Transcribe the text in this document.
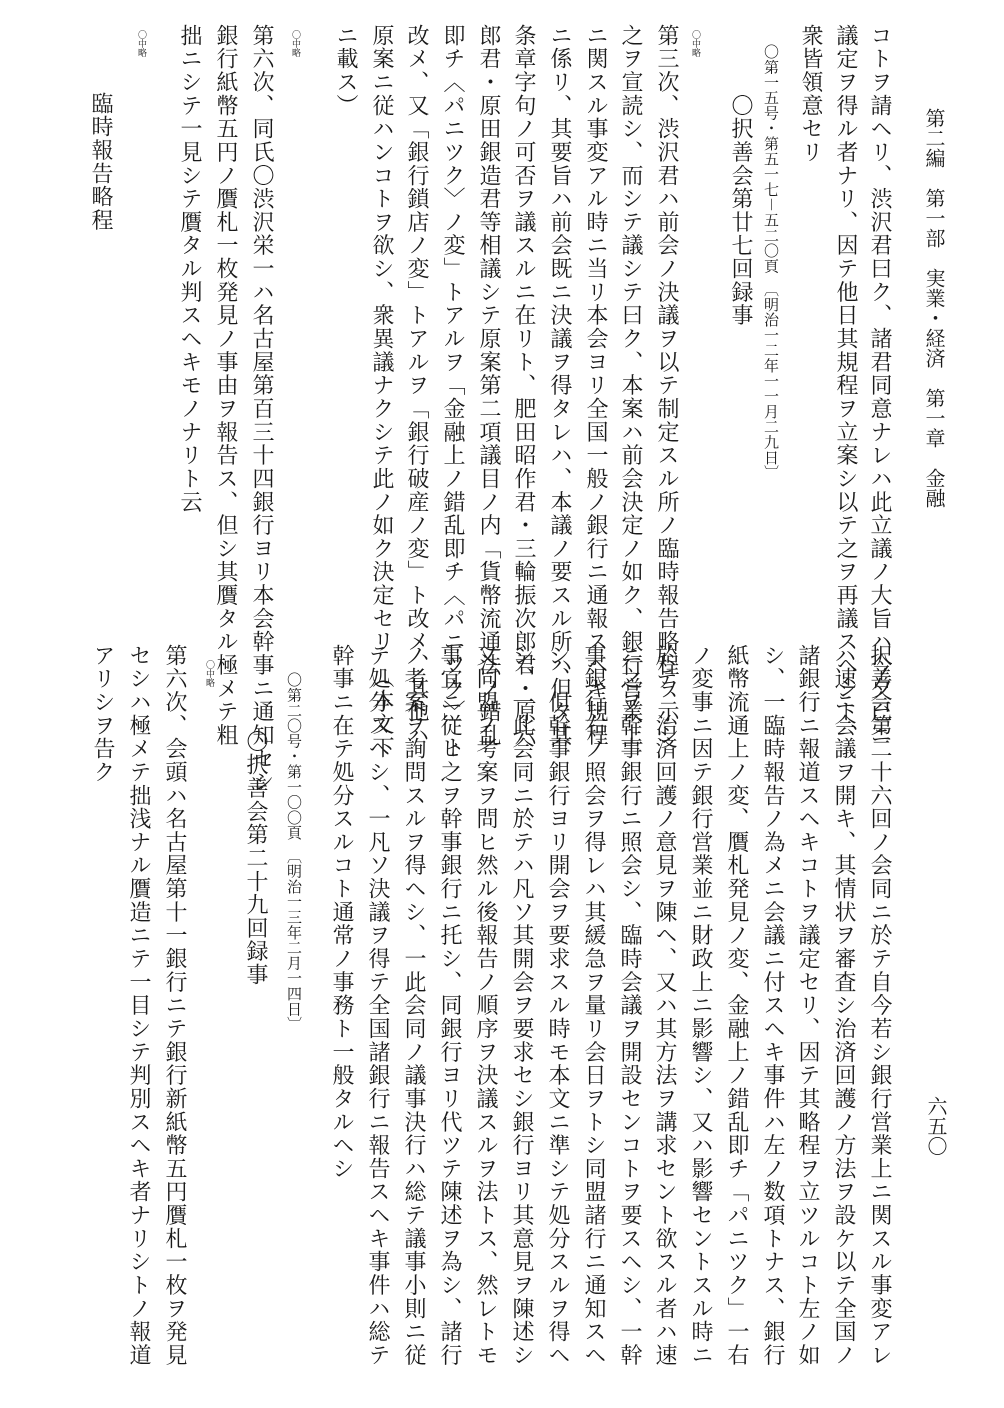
第二編　第一部　実業・経済　第一章　金融
コトヲ請ヘリ、渋沢君曰ク、諸君同意ナレハ此立議ノ大旨ハ今夕已ニ
議定ヲ得ル者ナリ、因テ他日其規程ヲ立案シ以テ之ヲ再議スヘシト、
衆皆領意セリ
〇第一五号・第五一七－五二〇頁　〔明治一二年一一月二九日〕
〇択善会第廿七回録事
〇中略
第三次、渋沢君ハ前会ノ決議ヲ以テ制定スル所ノ臨時報告略程ヲ示シ
之ヲ宣読シ、而シテ議シテ曰ク、本案ハ前会決定ノ如ク、銀行営業上
ニ関スル事変アル時ニ当リ本会ヨリ全国一般ノ銀行ニ通報スヘキ規程
ニ係リ、其要旨ハ前会既ニ決議ヲ得タレハ、本議ノ要スル所ハ但タ其
条章字句ノ可否ヲ議スルニ在リト、肥田昭作君・三輪振次郎君・原六
郎君・原田銀造君等相議シテ原案第二項議目ノ内「貨幣流通法ノ錯乱
即チ〈パニツク〉ノ変」トアルヲ「金融上ノ錯乱即チ〈パニツク〉」ト
改メ、又「銀行鎖店ノ変」トアルヲ「銀行破産ノ変」ト改メ、其他ハ
原案ニ従ハンコトヲ欲シ、衆異議ナクシテ此ノ如ク決定セリ　（本文下
ニ載ス）
〇中略
第六次、同氏〇渋沢栄一ハ名古屋第百三十四銀行ヨリ本会幹事ニ通知セシ
銀行紙幣五円ノ贋札一枚発見ノ事由ヲ報告ス、但シ其贋タル極メテ粗
拙ニシテ一見シテ贋タル判スヘキモノナリト云
〇中略
臨時報告略程
択善会第二十六回ノ会同ニ於テ自今若シ銀行営業上ニ関スル事変アレ
ハ速ニ会議ヲ開キ、其情状ヲ審査シ治済回護ノ方法ヲ設ケ以テ全国ノ
諸銀行ニ報道スヘキコトヲ議定セリ、因テ其略程ヲ立ツルコト左ノ如
シ、一臨時報告ノ為メニ会議ニ付スヘキ事件ハ左ノ数項トナス、銀行
紙幣流通上ノ変、贋札発見ノ変、金融上ノ錯乱即チ「パニツク」一右
ノ変事ニ因テ銀行営業並ニ財政上ニ影響シ、又ハ影響セントスル時ニ
於テ、治済回護ノ意見ヲ陳ヘ、又ハ其方法ヲ講求セント欲スル者ハ速
ニ之ヲ幹事銀行ニ照会シ、臨時会議ヲ開設センコトヲ要スヘシ、一幹
事銀行右ノ照会ヲ得レハ其緩急ヲ量リ会日ヲトシ同盟諸行ニ通知スヘ
シ、但幹事銀行ヨリ開会ヲ要求スル時モ本文ニ準シテ処分スルヲ得ヘ
シ、一此会同ニ於テハ凡ソ其開会ヲ要求セシ銀行ヨリ其意見ヲ陳述シ
又同盟ノ考案ヲ問ヒ然ル後報告ノ順序ヲ決議スルヲ法トス、然レトモ
事宜ニ従ヒ之ヲ幹事銀行ニ托シ、同銀行ヨリ代ツテ陳述ヲ為シ、諸行
ノ考案ヲ詢問スルヲ得ヘシ、一此会同ノ議事決行ハ総テ議事小則ニ従
テ処分スヘシ、一凡ソ決議ヲ得テ全国諸銀行ニ報告スヘキ事件ハ総テ
幹事ニ在テ処分スルコト通常ノ事務ト一般タルヘシ
〇第二〇号・第一〇〇頁　〔明治一三年二月一四日〕
〇択善会第二十九回録事
〇中略
第六次、会頭ハ名古屋第十一銀行ニテ銀行新紙幣五円贋札一枚ヲ発見
セシハ極メテ拙浅ナル贋造ニテ一目シテ判別スヘキ者ナリシトノ報道
アリシヲ告ク
六五〇
